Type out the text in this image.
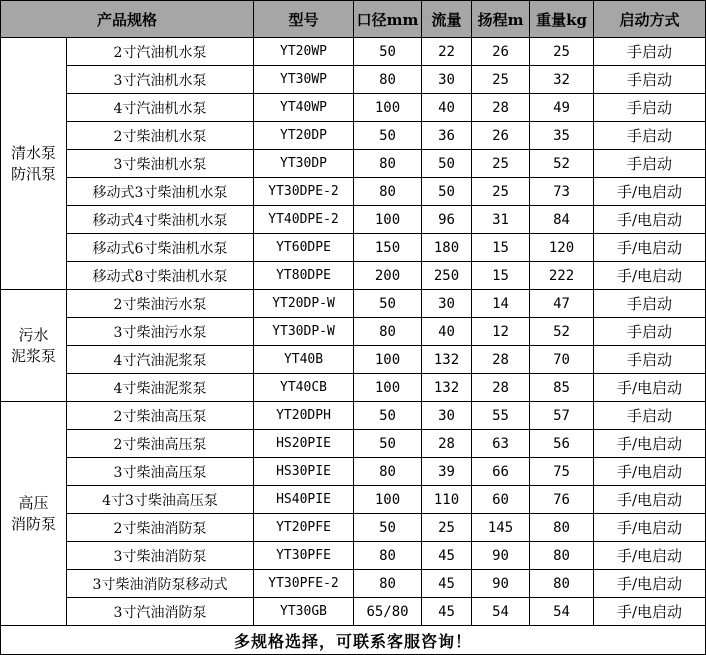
产品规格		型号	口径mm	流量	扬程m	重量kg	启动方式

清水泵
防汛泵	2寸汽油机水泵	YT20WP	50	22	26	25	手启动
	3寸汽油机水泵	YT30WP	80	30	25	32	手启动
	4寸汽油机水泵	YT40WP	100	40	28	49	手启动
	2寸柴油机水泵	YT20DP	50	36	26	35	手启动
	3寸柴油机水泵	YT30DP	80	50	25	52	手启动
	移动式3寸柴油机水泵	YT30DPE-2	80	50	25	73	手/电启动
	移动式4寸柴油机水泵	YT40DPE-2	100	96	31	84	手/电启动
	移动式6寸柴油机水泵	YT60DPE	150	180	15	120	手/电启动
	移动式8寸柴油机水泵	YT80DPE	200	250	15	222	手/电启动

污水
泥浆泵	2寸柴油污水泵	YT20DP-W	50	30	14	47	手启动
	3寸柴油污水泵	YT30DP-W	80	40	12	52	手启动
	4寸汽油泥浆泵	YT40B	100	132	28	70	手启动
	4寸柴油泥浆泵	YT40CB	100	132	28	85	手/电启动

高压
消防泵	2寸柴油高压泵	YT20DPH	50	30	55	57	手启动
	2寸柴油高压泵	HS20PIE	50	28	63	56	手/电启动
	3寸柴油高压泵	HS30PIE	80	39	66	75	手/电启动
	4寸3寸柴油高压泵	HS40PIE	100	110	60	76	手/电启动
	2寸柴油消防泵	YT20PFE	50	25	145	80	手/电启动
	3寸柴油消防泵	YT30PFE	80	45	90	80	手/电启动
	3寸柴油消防泵移动式	YT30PFE-2	80	45	90	80	手/电启动
	3寸汽油消防泵	YT30GB	65/80	45	54	54	手/电启动
多规格选择，可联系客服咨询！							
